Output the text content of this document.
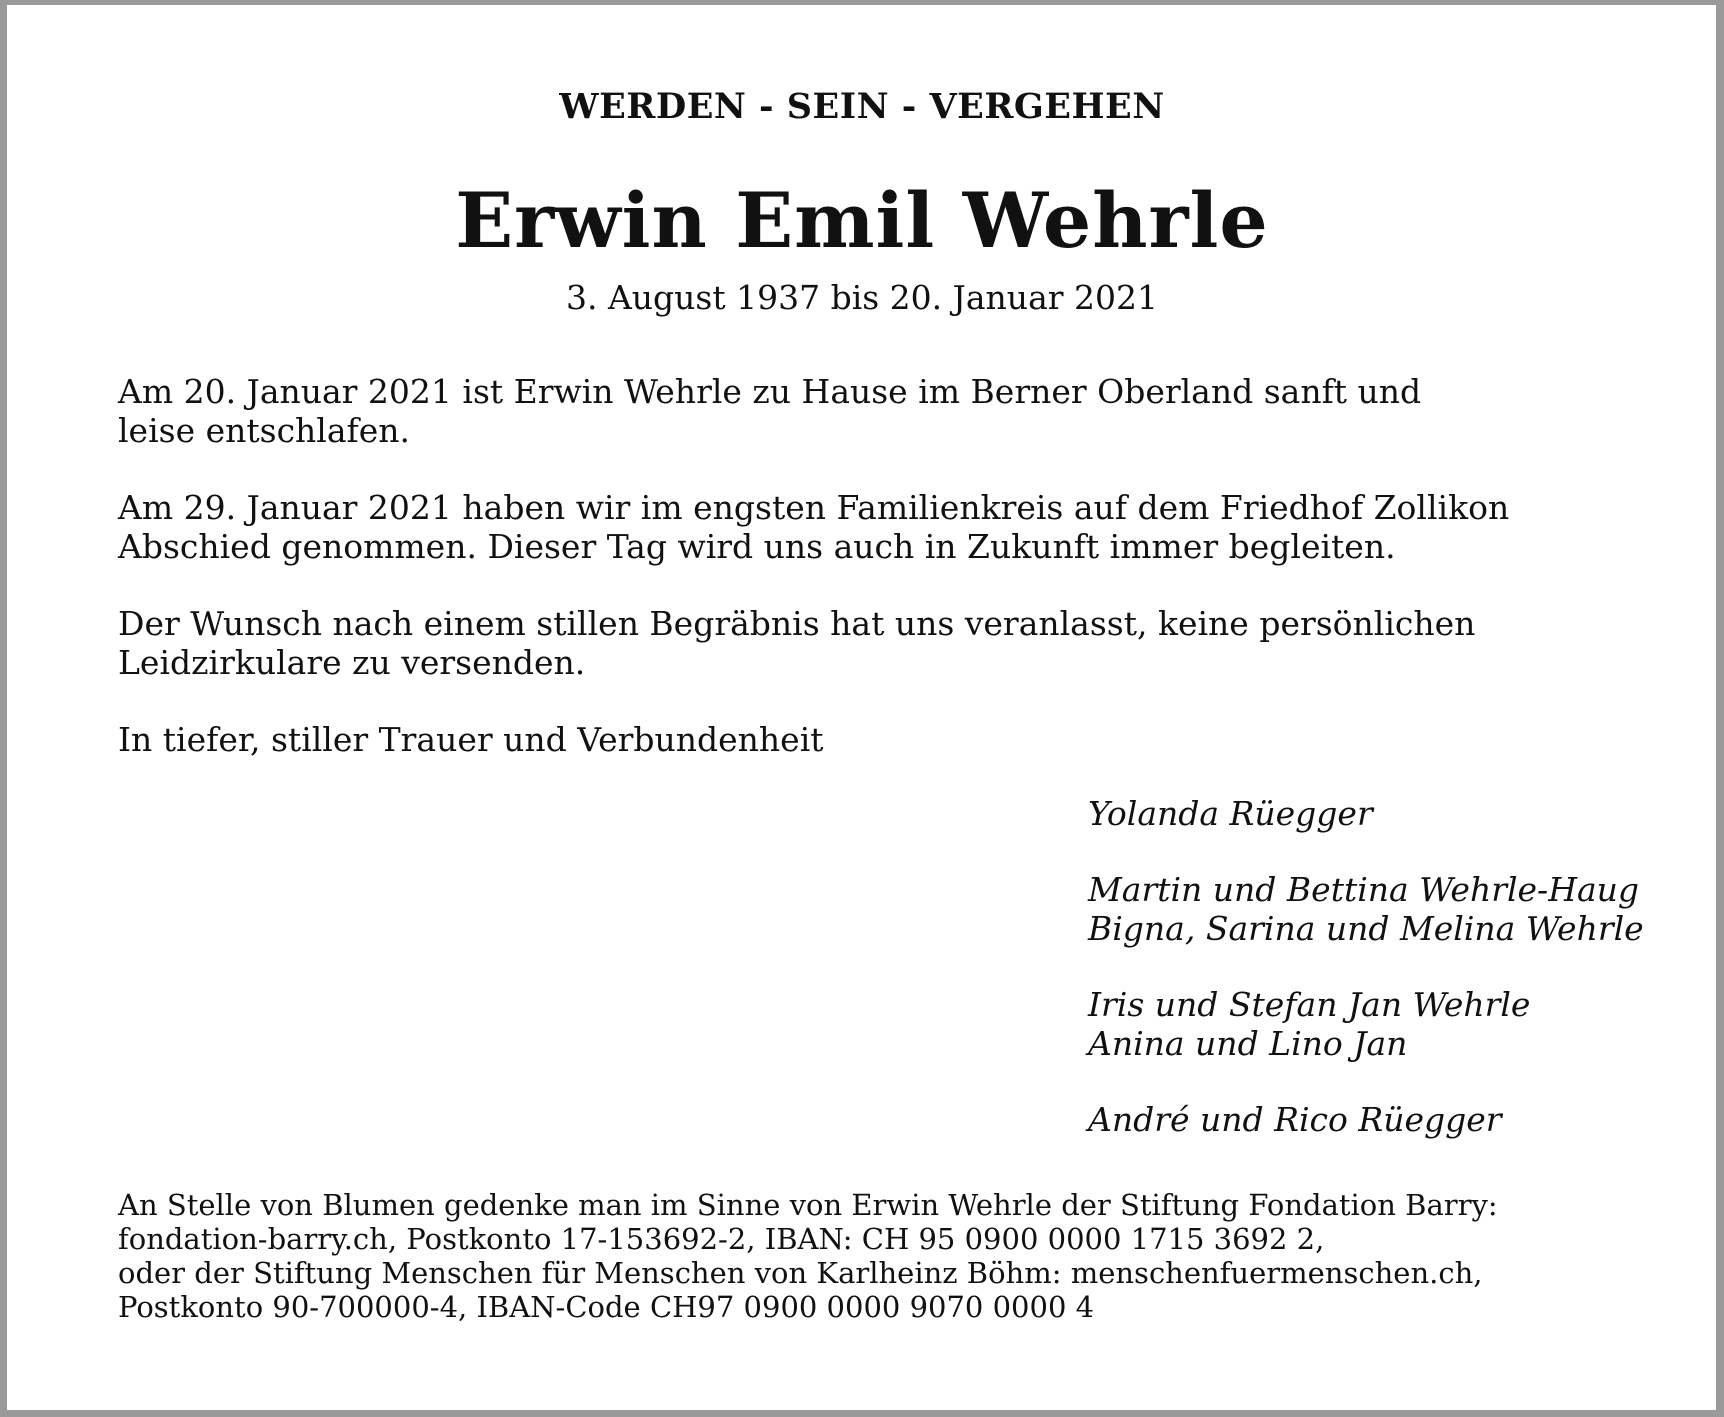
WERDEN - SEIN - VERGEHEN
Erwin Emil Wehrle
3. August 1937 bis 20. Januar 2021

Am 20. Januar 2021 ist Erwin Wehrle zu Hause im Berner Oberland sanft und
leise entschlafen.

Am 29. Januar 2021 haben wir im engsten Familienkreis auf dem Friedhof Zollikon
Abschied genommen. Dieser Tag wird uns auch in Zukunft immer begleiten.

Der Wunsch nach einem stillen Begräbnis hat uns veranlasst, keine persönlichen
Leidzirkulare zu versenden.

In tiefer, stiller Trauer und Verbundenheit

Yolanda Rüegger
Martin und Bettina Wehrle-Haug
Bigna, Sarina und Melina Wehrle
Iris und Stefan Jan Wehrle
Anina und Lino Jan
André und Rico Rüegger
An Stelle von Blumen gedenke man im Sinne von Erwin Wehrle der Stiftung Fondation Barry:
fondation-barry.ch, Postkonto 17-153692-2, IBAN: CH 95 0900 0000 1715 3692 2,
oder der Stiftung Menschen für Menschen von Karlheinz Böhm: menschenfuermenschen.ch,
Postkonto 90-700000-4, IBAN-Code CH97 0900 0000 9070 0000 4
